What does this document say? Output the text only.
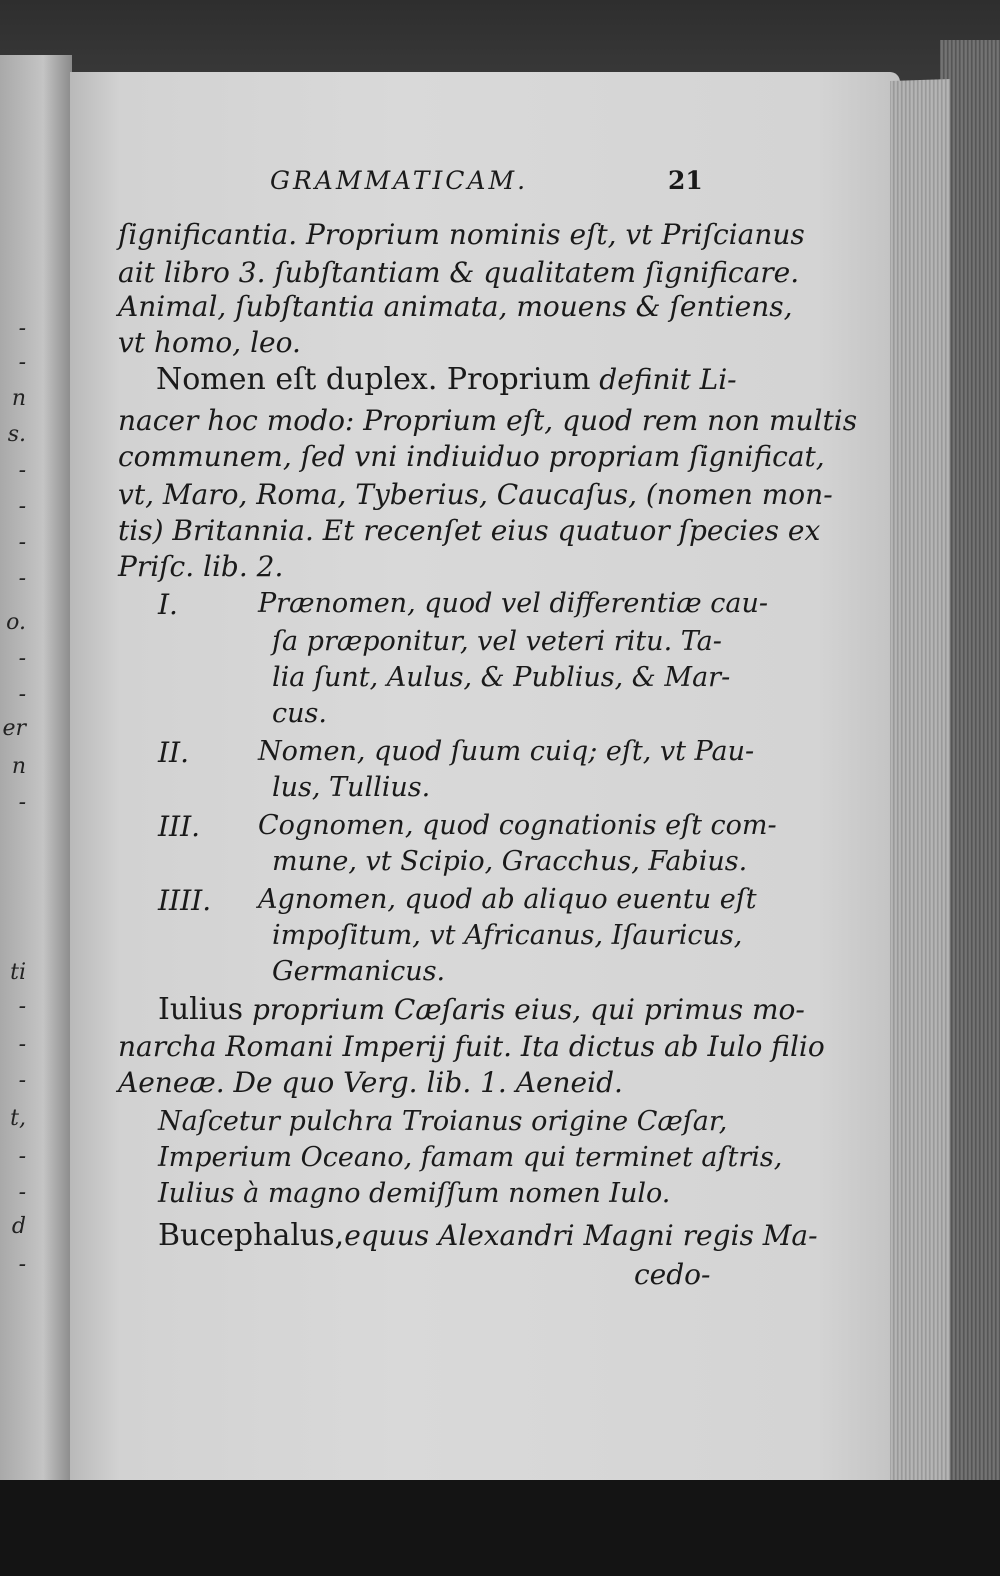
-
-
n
s.
-
-
-
-
o.
-
-
er
n
-
ti
-
-
-
t,
-
-
d
-
GRAMMATICAM.	21
ſignificantia. Proprium nominis eſt, vt Priſcianus
ait libro 3. ſubſtantiam & qualitatem ſignificare.
Animal, ſubſtantia animata, mouens & ſentiens,
vt homo, leo.
Nomen eſt duplex. Proprium definit Li-
nacer hoc modo: Proprium eſt, quod rem non multis
communem, ſed vni indiuiduo propriam ſignificat,
vt, Maro, Roma, Tyberius, Caucaſus, (nomen mon-
tis) Britannia. Et recenſet eius quatuor ſpecies ex
Priſc. lib. 2.
I.	Prænomen, quod vel differentiæ cau-
ſa præponitur, vel veteri ritu. Ta-
lia ſunt, Aulus, & Publius, & Mar-
cus.
II.	Nomen, quod ſuum cuiq; eſt, vt Pau-
lus, Tullius.
III. Cognomen, quod cognationis eſt com-
mune, vt Scipio, Gracchus, Fabius.
IIII. Agnomen, quod ab aliquo euentu eſt
impoſitum, vt Africanus, Iſauricus,
Germanicus.
Iulius proprium Cæſaris eius, qui primus mo-
narcha Romani Imperij fuit. Ita dictus ab Iulo filio
Aeneæ. De quo Verg. lib. 1. Aeneid.
Naſcetur pulchra Troianus origine Cæſar,
Imperium Oceano, famam qui terminet aſtris,
Iulius à magno demiſſum nomen Iulo.
Bucephalus,equus Alexandri Magni regis Ma-
cedo-
